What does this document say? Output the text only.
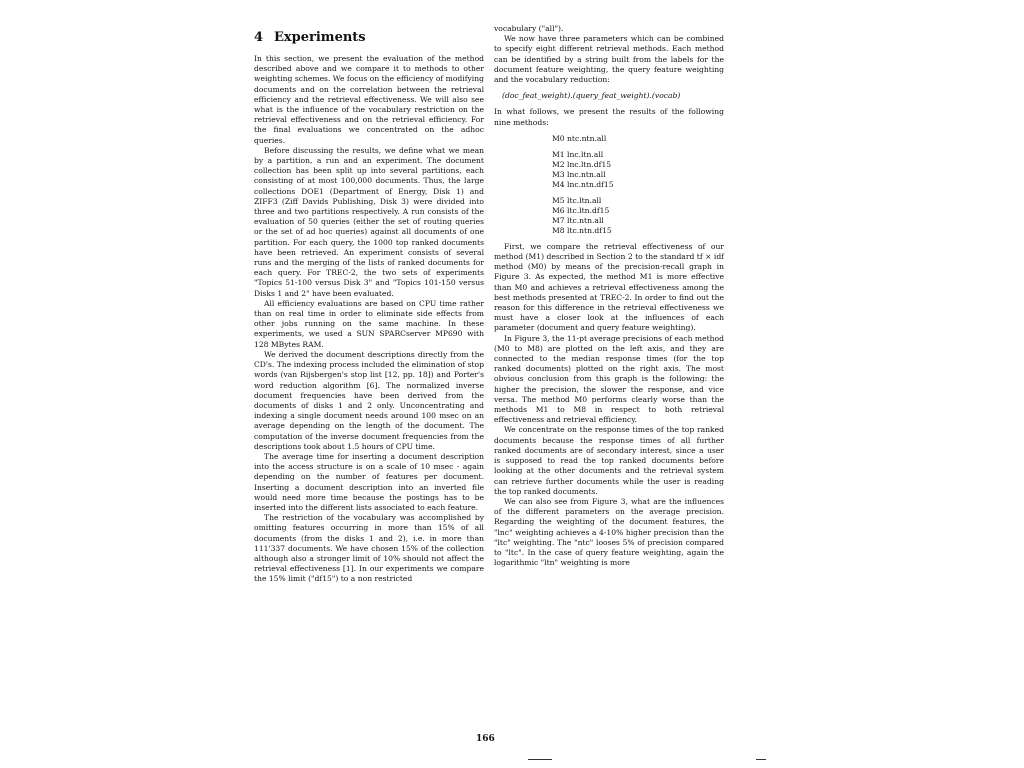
4 Experiments

In this section, we present the evaluation of the method described above and we compare it to methods to other weighting schemes. We focus on the efficiency of modifying documents and on the correlation between the retrieval efficiency and the retrieval effectiveness. We will also see what is the influence of the vocabulary restriction on the retrieval effectiveness and on the retrieval efficiency. For the final evaluations we concentrated on the adhoc queries.

Before discussing the results, we define what we mean by a partition, a run and an experiment. The document collection has been split up into several partitions, each consisting of at most 100,000 documents. Thus, the large collections DOE1 (Department of Energy, Disk 1) and ZIFF3 (Ziff Davids Publishing, Disk 3) were divided into three and two partitions respectively. A run consists of the evaluation of 50 queries (either the set of routing queries or the set of ad hoc queries) against all documents of one partition. For each query, the 1000 top ranked documents have been retrieved. An experiment consists of several runs and the merging of the lists of ranked documents for each query. For TREC-2, the two sets of experiments "Topics 51-100 versus Disk 3" and "Topics 101-150 versus Disks 1 and 2" have been evaluated.

All efficiency evaluations are based on CPU time rather than on real time in order to eliminate side effects from other jobs running on the same machine. In these experiments, we used a SUN SPARCserver MP690 with 128 MBytes RAM.

We derived the document descriptions directly from the CD's. The indexing process included the elimination of stop words (van Rijsbergen's stop list [12, pp. 18]) and Porter's word reduction algorithm [6]. The normalized inverse document frequencies have been derived from the documents of disks 1 and 2 only. Unconcentrating and indexing a single document needs around 100 msec on an average depending on the length of the document. The computation of the inverse document frequencies from the descriptions took about 1.5 hours of CPU time.

The average time for inserting a document description into the access structure is on a scale of 10 msec - again depending on the number of features per document. Inserting a document description into an inverted file would need more time because the postings has to be inserted into the different lists associated to each feature.

The restriction of the vocabulary was accomplished by omitting features occurring in more than 15% of all documents (from the disks 1 and 2), i.e. in more than 111'337 documents. We have chosen 15% of the collection although also a stronger limit of 10% should not affect the retrieval effectiveness [1]. In our experiments we compare the 15% limit ("df15") to a non restricted

vocabulary ("all").

We now have three parameters which can be combined to specify eight different retrieval methods. Each method can be identified by a string built from the labels for the document feature weighting, the query feature weighting and the vocabulary reduction:

(doc_feat_weight).(query_feat_weight).(vocab)

In what follows, we present the results of the following nine methods:

M0 ntc.ntn.all
M1 lnc.ltn.all
M2 lnc.ltn.df15
M3 lnc.ntn.all
M4 lnc.ntn.df15
M5 ltc.ltn.all
M6 ltc.ltn.df15
M7 ltc.ntn.all
M8 ltc.ntn.df15

First, we compare the retrieval effectiveness of our method (M1) described in Section 2 to the standard tf × idf method (M0) by means of the precision-recall graph in Figure 3. As expected, the method M1 is more effective than M0 and achieves a retrieval effectiveness among the best methods presented at TREC-2. In order to find out the reason for this difference in the retrieval effectiveness we must have a closer look at the influences of each parameter (document and query feature weighting).

In Figure 3, the 11-pt average precisions of each method (M0 to M8) are plotted on the left axis, and they are connected to the median response times (for the top ranked documents) plotted on the right axis. The most obvious conclusion from this graph is the following: the higher the precision, the slower the response, and vice versa. The method M0 performs clearly worse than the methods M1 to M8 in respect to both retrieval effectiveness and retrieval efficiency.

We concentrate on the response times of the top ranked documents because the response times of all further ranked documents are of secondary interest, since a user is supposed to read the top ranked documents before looking at the other documents and the retrieval system can retrieve further documents while the user is reading the top ranked documents.

We can also see from Figure 3, what are the influences of the different parameters on the average precision. Regarding the weighting of the document features, the "lnc" weighting achieves a 4-10% higher precision than the "ltc" weighting. The "ntc" looses 5% of precision compared to "ltc". In the case of query feature weighting, again the logarithmic "ltn" weighting is more

166
